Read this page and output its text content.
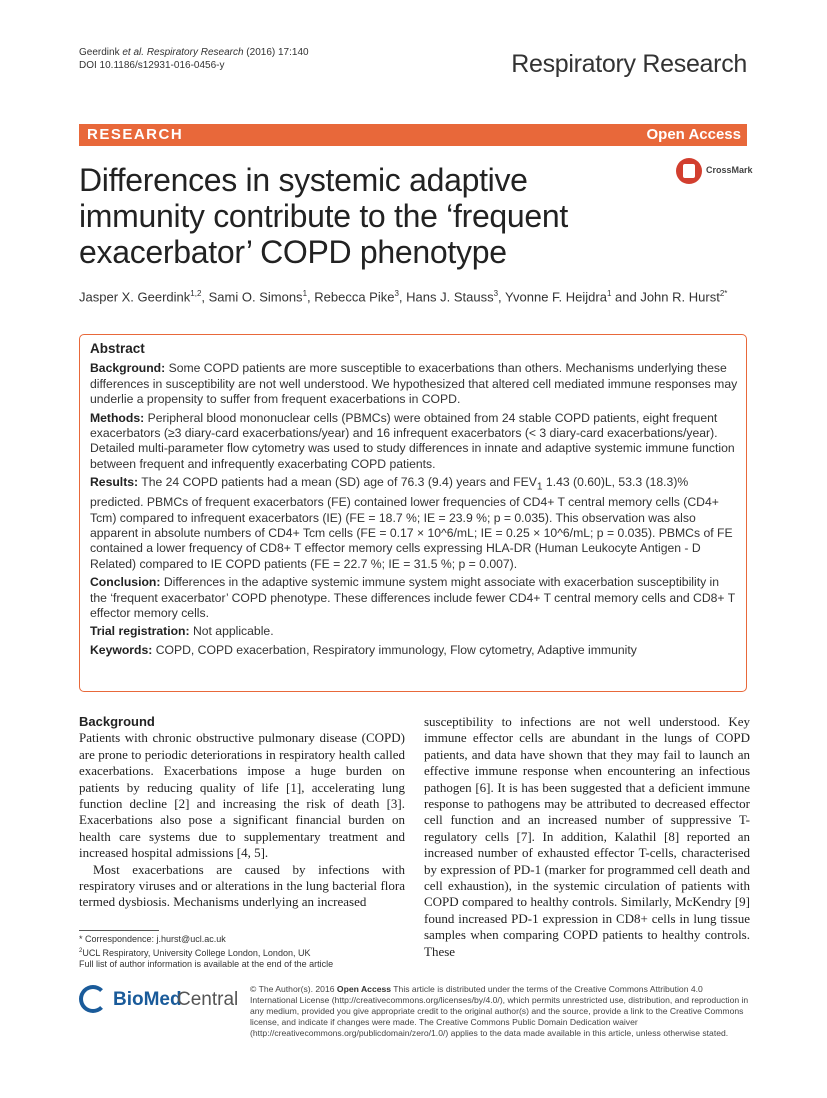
Geerdink et al. Respiratory Research (2016) 17:140
DOI 10.1186/s12931-016-0456-y	Respiratory Research
RESEARCH	Open Access
Differences in systemic adaptive immunity contribute to the ‘frequent exacerbator’ COPD phenotype
CrossMark
Jasper X. Geerdink$^{1,2}$, Sami O. Simons$^1$, Rebecca Pike$^3$, Hans J. Stauss$^3$, Yvonne F. Heijdra$^1$ and John R. Hurst$^{2*}$
Abstract

Background: Some COPD patients are more susceptible to exacerbations than others. Mechanisms underlying these differences in susceptibility are not well understood. We hypothesized that altered cell mediated immune responses may underlie a propensity to suffer from frequent exacerbations in COPD.

Methods: Peripheral blood mononuclear cells (PBMCs) were obtained from 24 stable COPD patients, eight frequent exacerbators (≥3 diary-card exacerbations/year) and 16 infrequent exacerbators (< 3 diary-card exacerbations/year). Detailed multi-parameter flow cytometry was used to study differences in innate and adaptive systemic immune function between frequent and infrequently exacerbating COPD patients.

Results: The 24 COPD patients had a mean (SD) age of 76.3 (9.4) years and $FEV_1$ 1.43 (0.60)L, 53.3 (18.3)% predicted. PBMCs of frequent exacerbators (FE) contained lower frequencies of CD4+ T central memory cells (CD4+ Tcm) compared to infrequent exacerbators (IE) (FE = 18.7 %; IE = 23.9 %; p = 0.035). This observation was also apparent in absolute numbers of CD4+ Tcm cells (FE = 0.17 × 10^6/mL; IE = 0.25 × 10^6/mL; p = 0.035). PBMCs of FE contained a lower frequency of CD8+ T effector memory cells expressing HLA-DR (Human Leukocyte Antigen - D Related) compared to IE COPD patients (FE = 22.7 %; IE = 31.5 %; p = 0.007).

Conclusion: Differences in the adaptive systemic immune system might associate with exacerbation susceptibility in the ‘frequent exacerbator’ COPD phenotype. These differences include fewer CD4+ T central memory cells and CD8+ T effector memory cells.

Trial registration: Not applicable.

Keywords: COPD, COPD exacerbation, Respiratory immunology, Flow cytometry, Adaptive immunity

Background

Patients with chronic obstructive pulmonary disease (COPD) are prone to periodic deteriorations in respiratory health called exacerbations. Exacerbations impose a huge burden on patients by reducing quality of life [1], accelerating lung function decline [2] and increasing the risk of death [3]. Exacerbations also pose a significant financial burden on health care systems due to supplementary treatment and increased hospital admissions [4, 5].

Most exacerbations are caused by infections with respiratory viruses and or alterations in the lung bacterial flora termed dysbiosis. Mechanisms underlying an increased

susceptibility to infections are not well understood. Key immune effector cells are abundant in the lungs of COPD patients, and data have shown that they may fail to launch an effective immune response when encountering an infectious pathogen [6]. It is has been suggested that a deficient immune response to pathogens may be attributed to decreased effector cell function and an increased number of suppressive T-regulatory cells [7]. In addition, Kalathil [8] reported an increased number of exhausted effector T-cells, characterised by expression of PD-1 (marker for programmed cell death and cell exhaustion), in the systemic circulation of patients with COPD compared to healthy controls. Similarly, McKendry [9] found increased PD-1 expression in CD8+ cells in lung tissue samples when comparing COPD patients to healthy controls. These

* Correspondence: j.hurst@ucl.ac.uk
$^2$UCL Respiratory, University College London, London, UK
Full list of author information is available at the end of the article
BioMed
Central © The Author(s). 2016 Open Access This article is distributed under the terms of the Creative Commons Attribution 4.0 International License (http://creativecommons.org/licenses/by/4.0/), which permits unrestricted use, distribution, and reproduction in any medium, provided you give appropriate credit to the original author(s) and the source, provide a link to the Creative Commons license, and indicate if changes were made. The Creative Commons Public Domain Dedication waiver (http://creativecommons.org/publicdomain/zero/1.0/) applies to the data made available in this article, unless otherwise stated.
